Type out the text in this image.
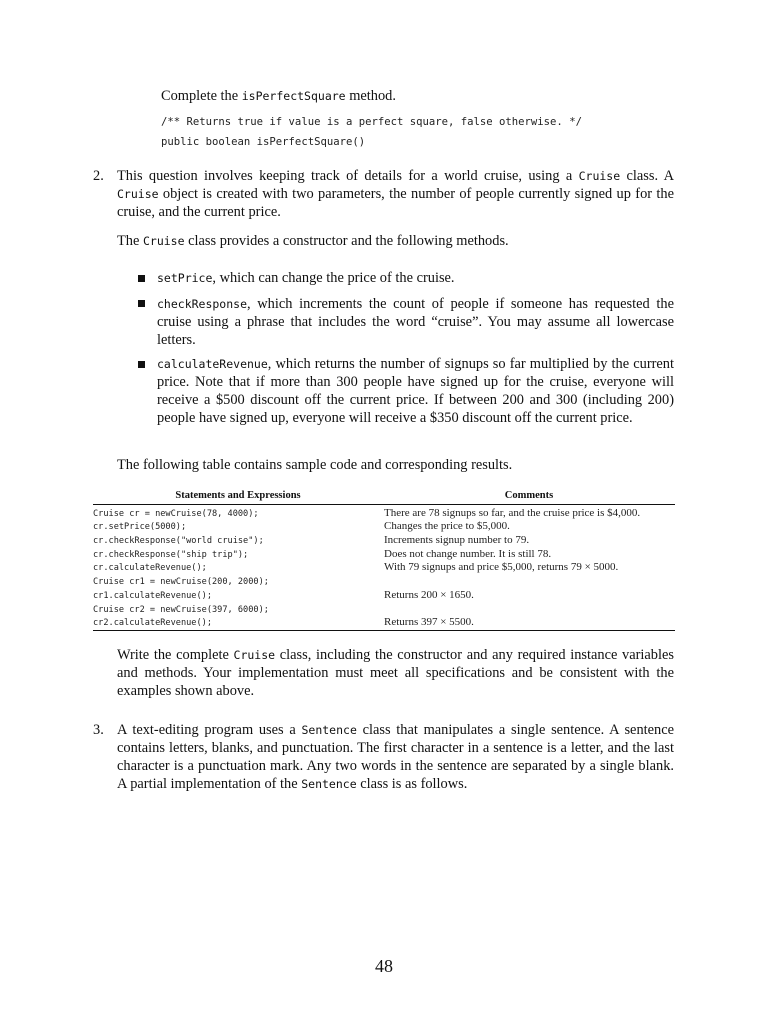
Complete the isPerfectSquare method.

/** Returns true if value is a perfect square, false otherwise. */
public boolean isPerfectSquare()
2. This question involves keeping track of details for a world cruise, using a Cruise class. A Cruise object is created with two parameters, the number of people currently signed up for the cruise, and the current price.

The Cruise class provides a constructor and the following methods.

setPrice, which can change the price of the cruise.

checkResponse, which increments the count of people if someone has requested the cruise using a phrase that includes the word “cruise”. You may assume all lowercase letters.

calculateRevenue, which returns the number of signups so far multiplied by the current price. Note that if more than 300 people have signed up for the cruise, everyone will receive a $500 discount off the current price. If between 200 and 300 (including 200) people have signed up, everyone will receive a $350 discount off the current price.

The following table contains sample code and corresponding results.

Statements and Expressions	Comments
Cruise cr = newCruise(78, 4000);	There are 78 signups so far, and the cruise price is $4,000.
cr.setPrice(5000);	Changes the price to $5,000.
cr.checkResponse("world cruise");	Increments signup number to 79.
cr.checkResponse("ship trip");	Does not change number. It is still 78.
cr.calculateRevenue();	With 79 signups and price $5,000, returns 79 × 5000.
Cruise cr1 = newCruise(200, 2000);	
cr1.calculateRevenue();	Returns 200 × 1650.
Cruise cr2 = newCruise(397, 6000);	
cr2.calculateRevenue();	Returns 397 × 5500.

Write the complete Cruise class, including the constructor and any required instance variables and methods. Your implementation must meet all specifications and be consistent with the examples shown above.

3. A text-editing program uses a Sentence class that manipulates a single sentence. A sentence contains letters, blanks, and punctuation. The first character in a sentence is a letter, and the last character is a punctuation mark. Any two words in the sentence are separated by a single blank. A partial implementation of the Sentence class is as follows.

48
